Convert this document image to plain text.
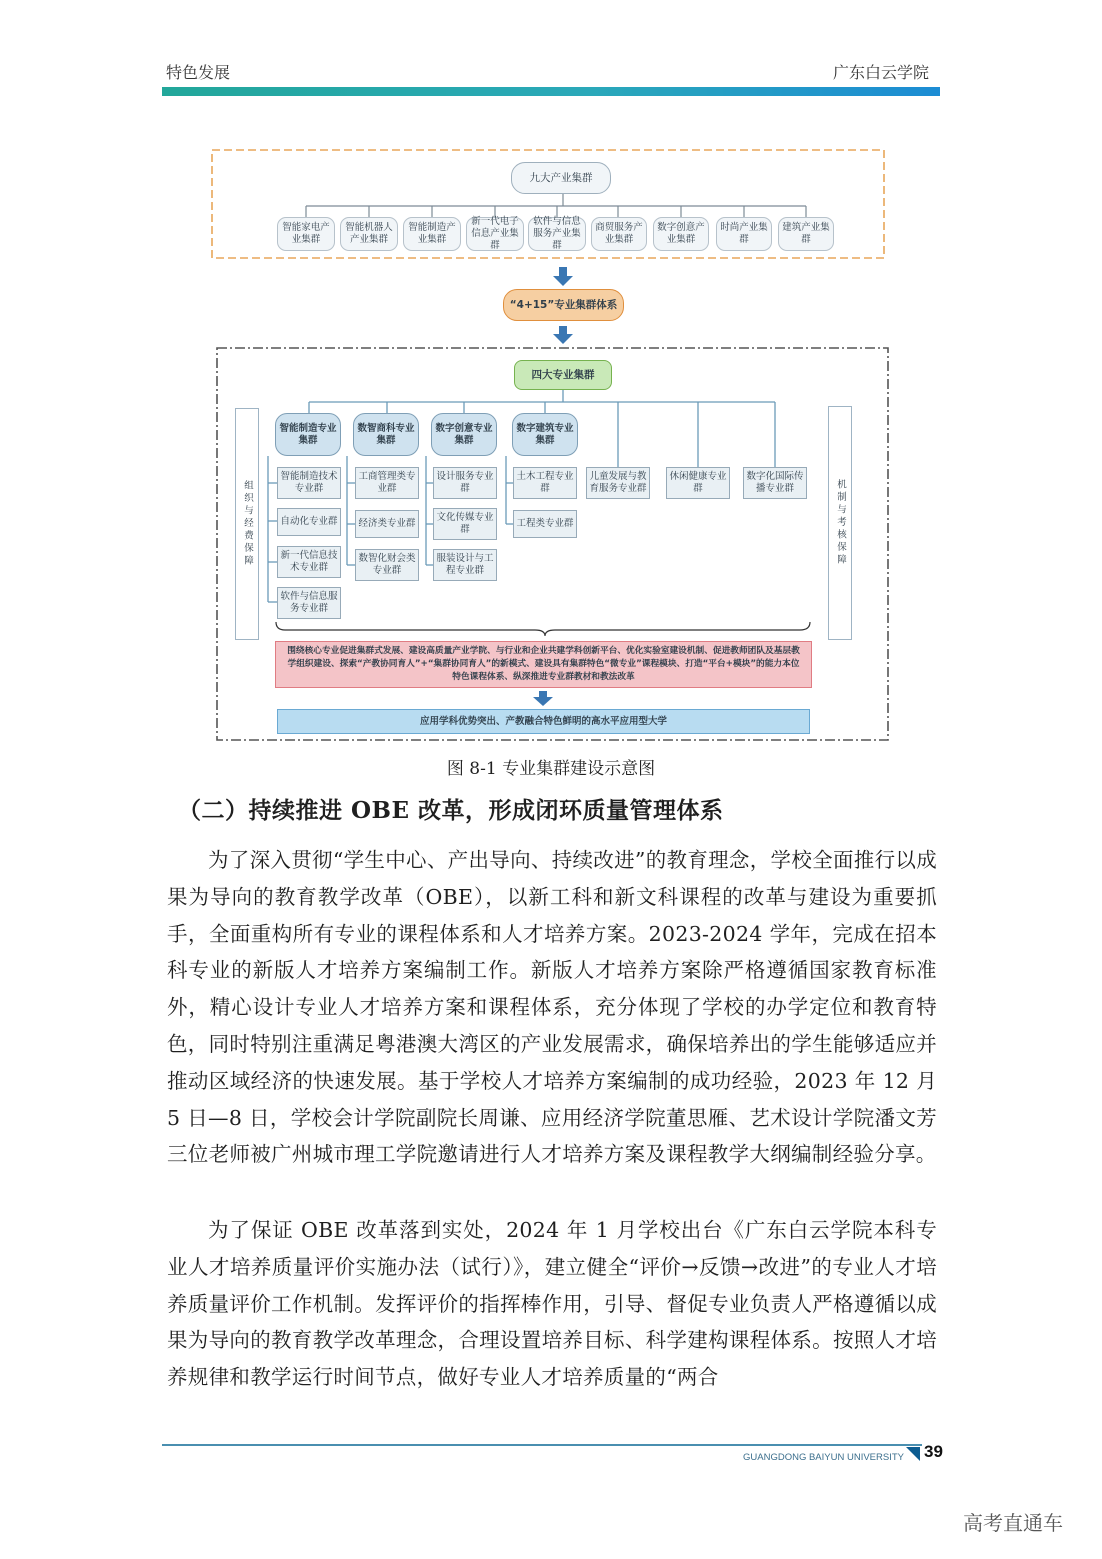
特色发展	广东白云学院
九大产业集群
智能家电产业集群
智能机器人产业集群
智能制造产业集群
新一代电子信息产业集群
软件与信息服务产业集群
商贸服务产业集群
数字创意产业集群
时尚产业集群
建筑产业集群
“4+15”专业集群体系
四大专业集群
智能制造专业集群
数智商科专业集群
数字创意专业集群
数字建筑专业集群
智能制造技术专业群
自动化专业群
新一代信息技术专业群
软件与信息服务专业群
工商管理类专业群
经济类专业群
数智化财会类专业群
设计服务专业群
文化传媒专业群
服装设计与工程专业群
土木工程专业群
工程类专业群
儿童发展与教育服务专业群
休闲健康专业群
数字化国际传播专业群
组织与经费保障	机制与考核保障
围绕核心专业促进集群式发展、建设高质量产业学院、与行业和企业共建学科创新平台、优化实验室建设机制、促进教师团队及基层教学组织建设、探索“产教协同育人”+“集群协同育人”的新模式、建设具有集群特色“微专业”课程模块、打造“平台+模块”的能力本位特色课程体系、纵深推进专业群教材和教法改革
应用学科优势突出、产教融合特色鲜明的高水平应用型大学
图 8-1 专业集群建设示意图
（二）持续推进 OBE 改革，形成闭环质量管理体系

为了深入贯彻“学生中心、产出导向、持续改进”的教育理念，学校全面推行以成果为导向的教育教学改革（OBE），以新工科和新文科课程的改革与建设为重要抓手，全面重构所有专业的课程体系和人才培养方案。2023-2024 学年，完成在招本科专业的新版人才培养方案编制工作。新版人才培养方案除严格遵循国家教育标准外，精心设计专业人才培养方案和课程体系，充分体现了学校的办学定位和教育特色，同时特别注重满足粤港澳大湾区的产业发展需求，确保培养出的学生能够适应并推动区域经济的快速发展。基于学校人才培养方案编制的成功经验，2023 年 12 月 5 日—8 日，学校会计学院副院长周谦、应用经济学院董思雁、艺术设计学院潘文芳三位老师被广州城市理工学院邀请进行人才培养方案及课程教学大纲编制经验分享。

为了保证 OBE 改革落到实处，2024 年 1 月学校出台《广东白云学院本科专业人才培养质量评价实施办法（试行）》，建立健全“评价→反馈→改进”的专业人才培养质量评价工作机制。发挥评价的指挥棒作用，引导、督促专业负责人严格遵循以成果为导向的教育教学改革理念，合理设置培养目标、科学建构课程体系。按照人才培养规律和教学运行时间节点，做好专业人才培养质量的“两合

GUANGDONG BAIYUN UNIVERSITY 39
高考直通车
